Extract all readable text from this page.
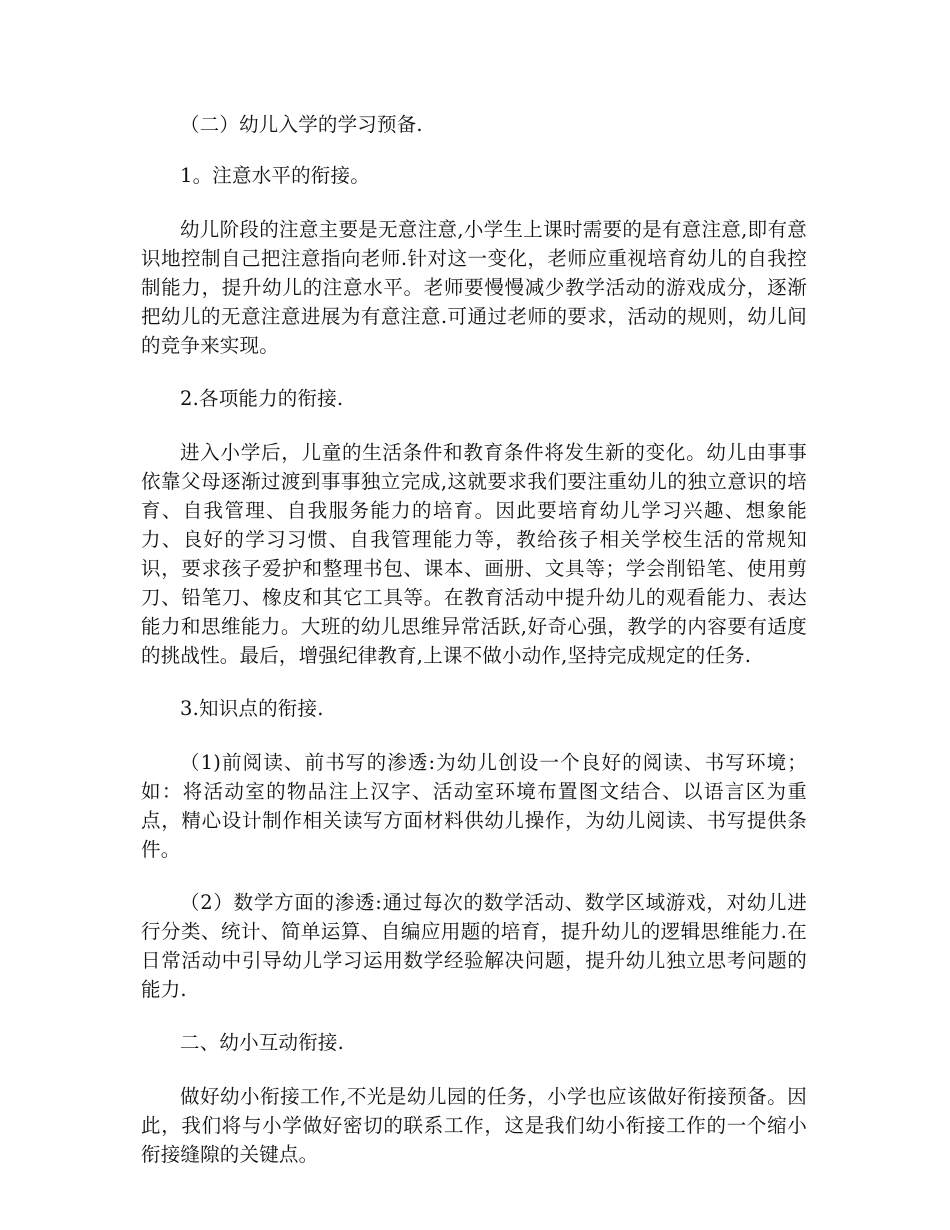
（二）幼儿入学的学习预备.

1。注意水平的衔接。

幼儿阶段的注意主要是无意注意,小学生上课时需要的是有意注意,即有意识地控制自己把注意指向老师.针对这一变化，老师应重视培育幼儿的自我控制能力，提升幼儿的注意水平。老师要慢慢减少教学活动的游戏成分，逐渐把幼儿的无意注意进展为有意注意.可通过老师的要求，活动的规则，幼儿间的竞争来实现。

2.各项能力的衔接.

进入小学后，儿童的生活条件和教育条件将发生新的变化。幼儿由事事依靠父母逐渐过渡到事事独立完成,这就要求我们要注重幼儿的独立意识的培育、自我管理、自我服务能力的培育。因此要培育幼儿学习兴趣、想象能力、良好的学习习惯、自我管理能力等，教给孩子相关学校生活的常规知识，要求孩子爱护和整理书包、课本、画册、文具等；学会削铅笔、使用剪刀、铅笔刀、橡皮和其它工具等。在教育活动中提升幼儿的观看能力、表达能力和思维能力。大班的幼儿思维异常活跃,好奇心强，教学的内容要有适度的挑战性。最后，增强纪律教育,上课不做小动作,坚持完成规定的任务.

3.知识点的衔接.

（1)前阅读、前书写的渗透:为幼儿创设一个良好的阅读、书写环境；如：将活动室的物品注上汉字、活动室环境布置图文结合、以语言区为重点，精心设计制作相关读写方面材料供幼儿操作，为幼儿阅读、书写提供条件。

（2）数学方面的渗透:通过每次的数学活动、数学区域游戏，对幼儿进行分类、统计、简单运算、自编应用题的培育，提升幼儿的逻辑思维能力.在日常活动中引导幼儿学习运用数学经验解决问题，提升幼儿独立思考问题的能力.

二、幼小互动衔接.

做好幼小衔接工作,不光是幼儿园的任务，小学也应该做好衔接预备。因此，我们将与小学做好密切的联系工作，这是我们幼小衔接工作的一个缩小衔接缝隙的关键点。
